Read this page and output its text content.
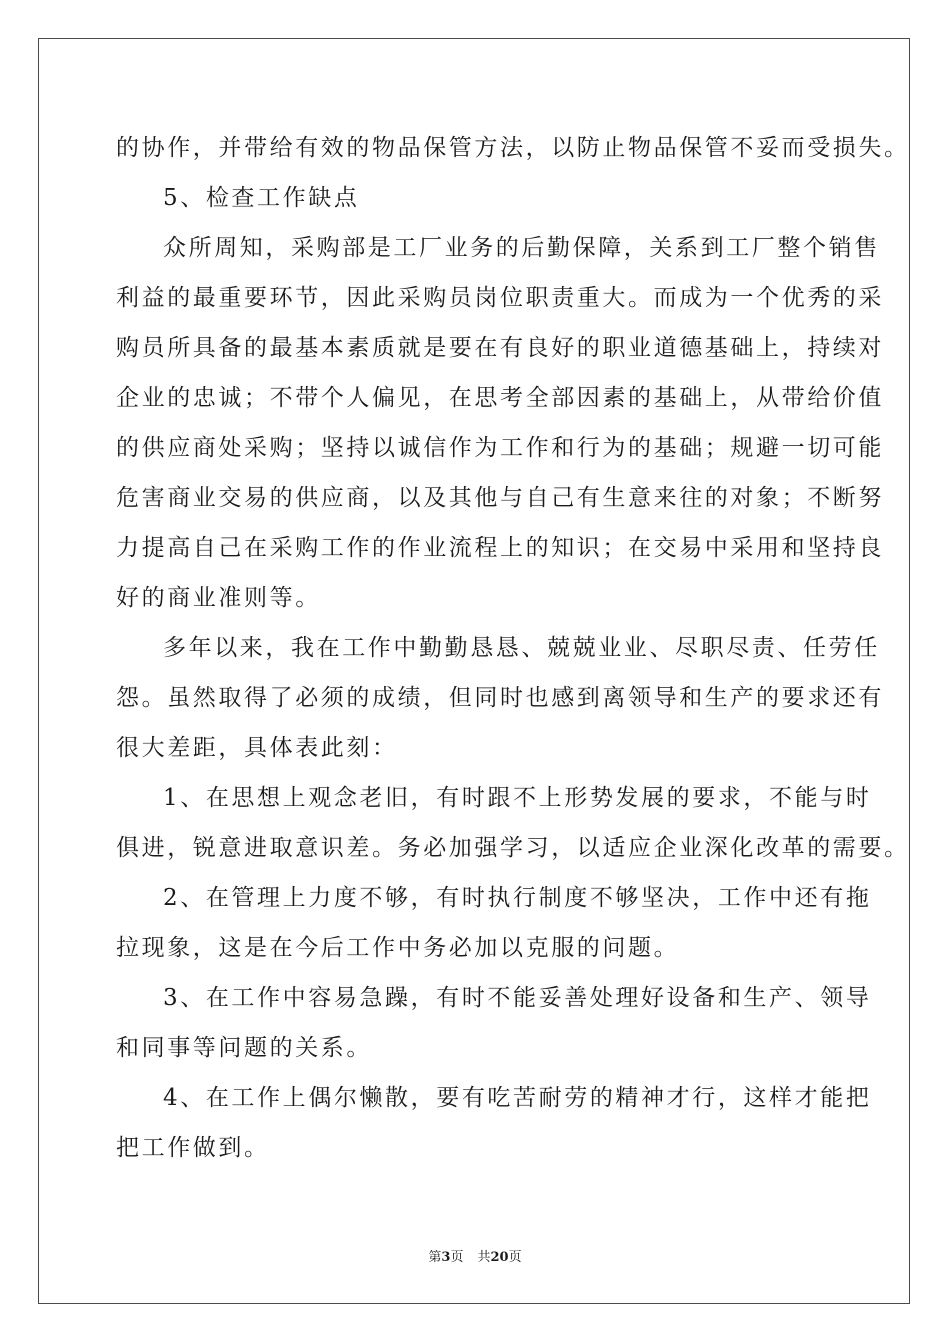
的协作，并带给有效的物品保管方法，以防止物品保管不妥而受损失。
5、检查工作缺点
众所周知，采购部是工厂业务的后勤保障，关系到工厂整个销售
利益的最重要环节，因此采购员岗位职责重大。而成为一个优秀的采
购员所具备的最基本素质就是要在有良好的职业道德基础上，持续对
企业的忠诚；不带个人偏见，在思考全部因素的基础上，从带给价值
的供应商处采购；坚持以诚信作为工作和行为的基础；规避一切可能
危害商业交易的供应商，以及其他与自己有生意来往的对象；不断努
力提高自己在采购工作的作业流程上的知识；在交易中采用和坚持良
好的商业准则等。
多年以来，我在工作中勤勤恳恳、兢兢业业、尽职尽责、任劳任
怨。虽然取得了必须的成绩，但同时也感到离领导和生产的要求还有
很大差距，具体表此刻：
1、在思想上观念老旧，有时跟不上形势发展的要求，不能与时
俱进，锐意进取意识差。务必加强学习，以适应企业深化改革的需要。
2、在管理上力度不够，有时执行制度不够坚决，工作中还有拖
拉现象，这是在今后工作中务必加以克服的问题。
3、在工作中容易急躁，有时不能妥善处理好设备和生产、领导
和同事等问题的关系。
4、在工作上偶尔懒散，要有吃苦耐劳的精神才行，这样才能把
把工作做到。
第3页 共20页
